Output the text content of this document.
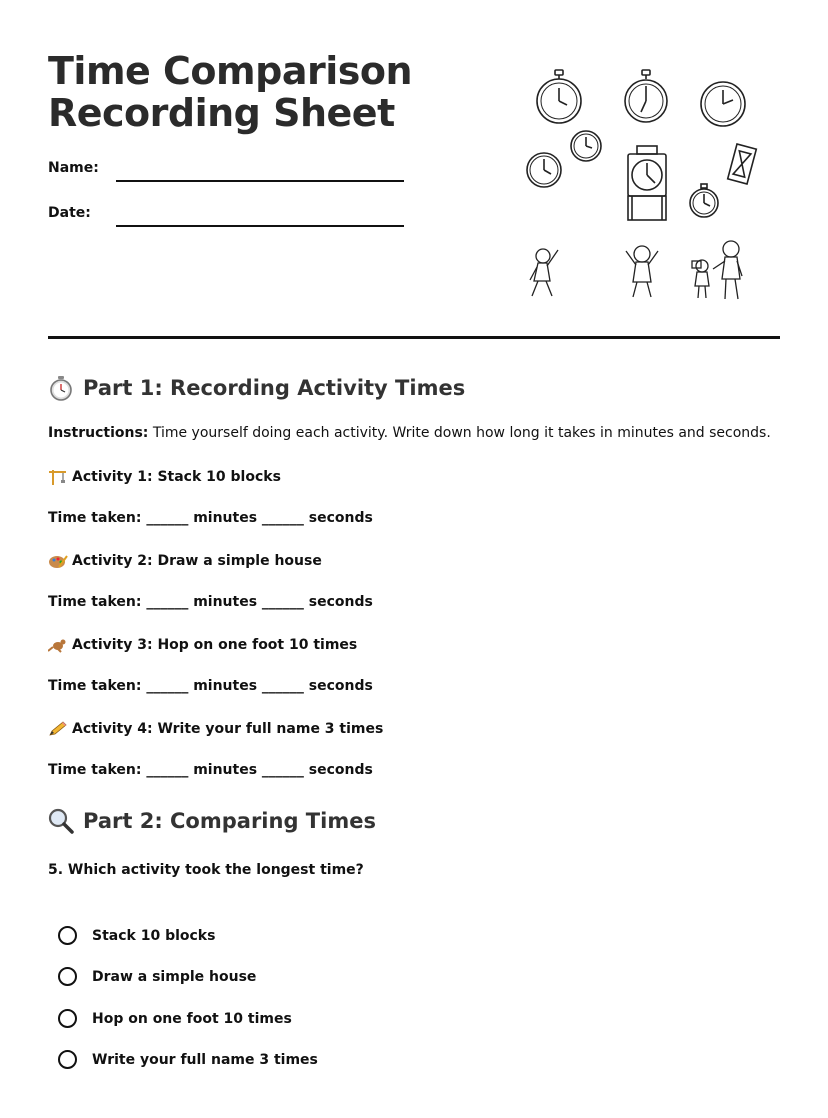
Time Comparison
Recording Sheet
Name:
Date:
Part 1: Recording Activity Times
Instructions: Time yourself doing each activity. Write down how long it takes in minutes and seconds.
Activity 1: Stack 10 blocks
Time taken: ______ minutes ______ seconds
Activity 2: Draw a simple house
Time taken: ______ minutes ______ seconds
Activity 3: Hop on one foot 10 times
Time taken: ______ minutes ______ seconds
Activity 4: Write your full name 3 times
Time taken: ______ minutes ______ seconds
Part 2: Comparing Times
5. Which activity took the longest time?
Stack 10 blocks
Draw a simple house
Hop on one foot 10 times
Write your full name 3 times
